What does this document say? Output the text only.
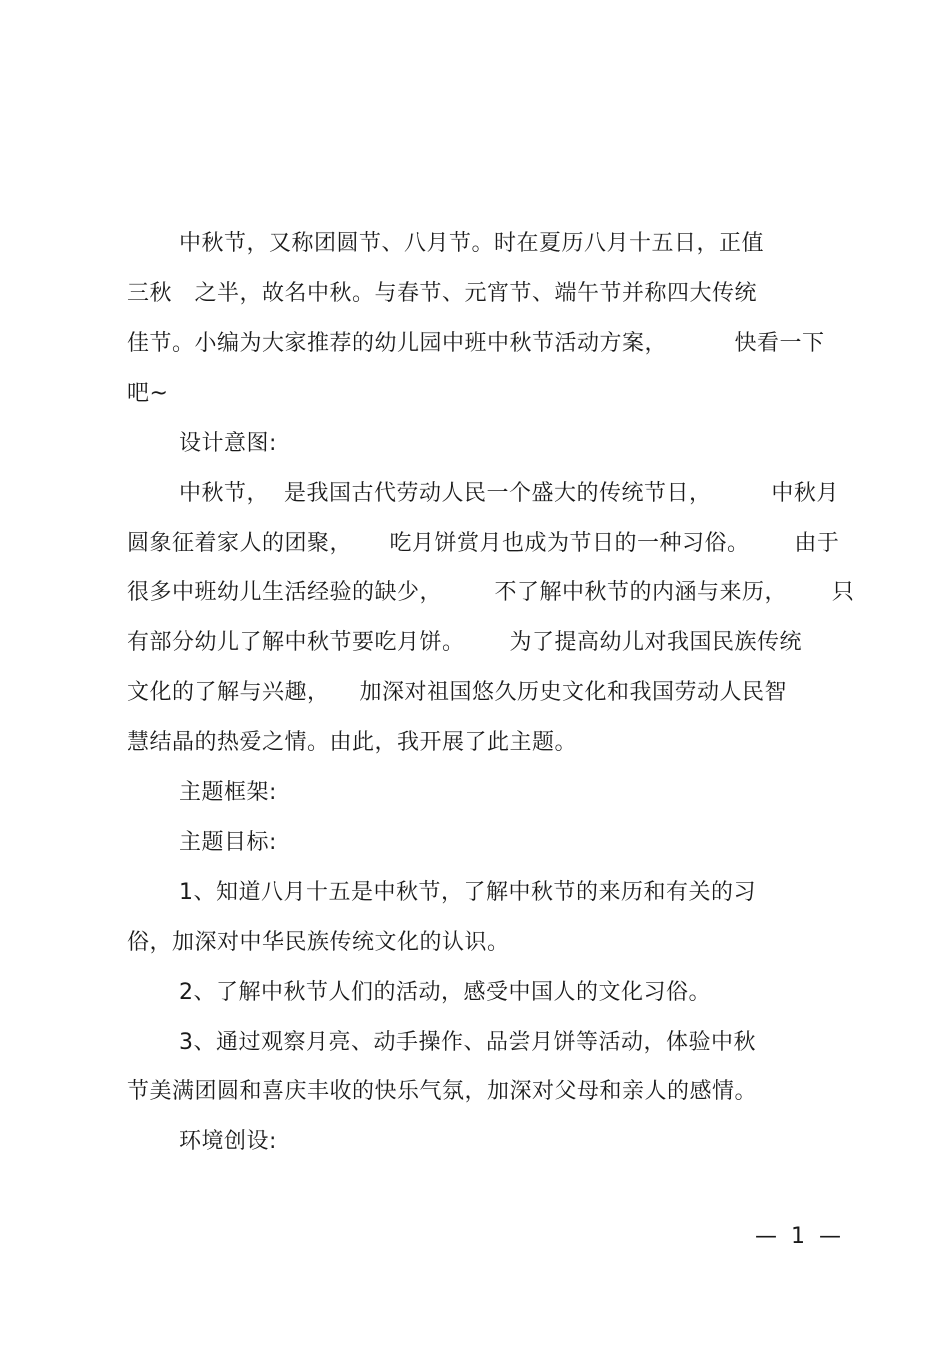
中秋节，又称团圆节、八月节。时在夏历八月十五日，正值
三秋   之半，故名中秋。与春节、元宵节、端午节并称四大传统
佳节。小编为大家推荐的幼儿园中班中秋节活动方案，         快看一下
吧~
设计意图:
中秋节，  是我国古代劳动人民一个盛大的传统节日，        中秋月
圆象征着家人的团聚，     吃月饼赏月也成为节日的一种习俗。      由于
很多中班幼儿生活经验的缺少，       不了解中秋节的内涵与来历，      只
有部分幼儿了解中秋节要吃月饼。      为了提高幼儿对我国民族传统
文化的了解与兴趣，    加深对祖国悠久历史文化和我国劳动人民智
慧结晶的热爱之情。由此，我开展了此主题。
主题框架:
主题目标:
1、知道八月十五是中秋节，了解中秋节的来历和有关的习
俗，加深对中华民族传统文化的认识。
2、了解中秋节人们的活动，感受中国人的文化习俗。
3、通过观察月亮、动手操作、品尝月饼等活动，体验中秋
节美满团圆和喜庆丰收的快乐气氛，加深对父母和亲人的感情。
环境创设:
—  1  —
